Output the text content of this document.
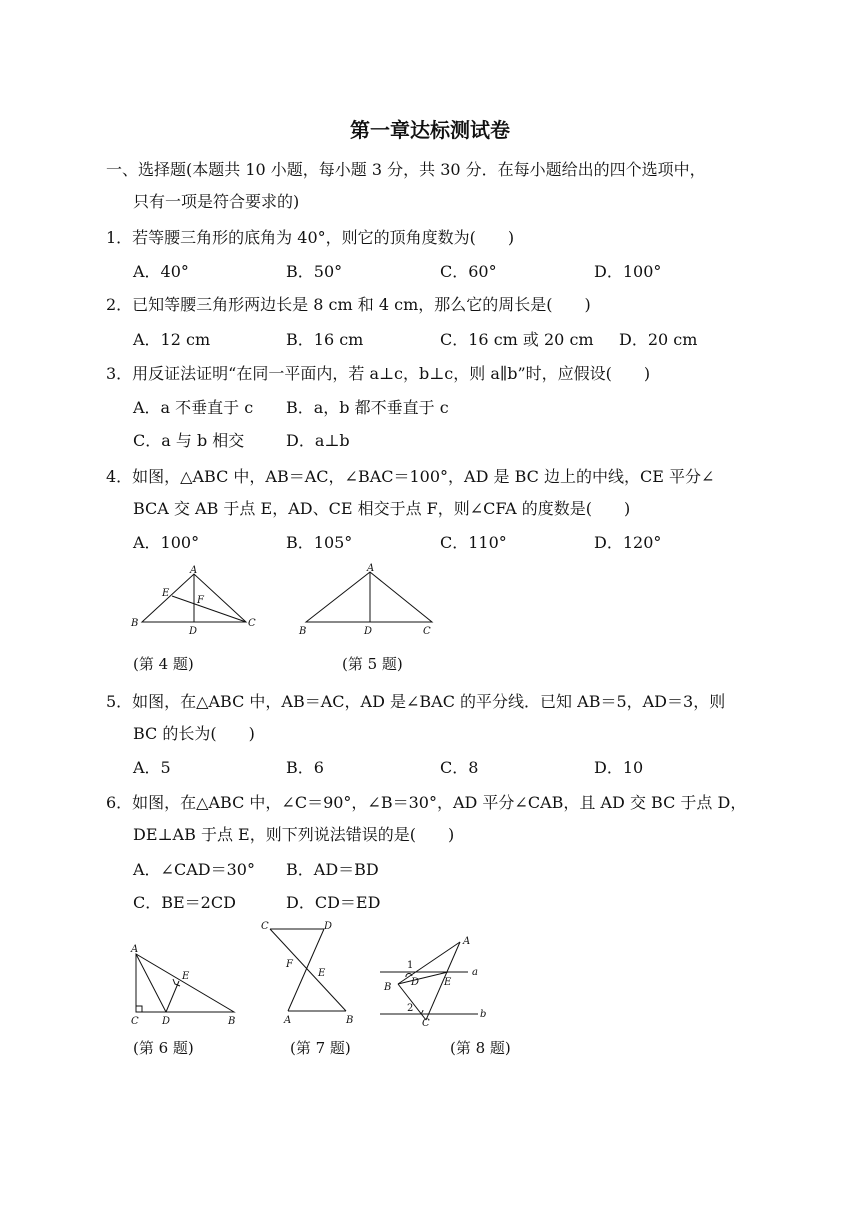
第一章达标测试卷
一、选择题(本题共 10 小题，每小题 3 分，共 30 分．在每小题给出的四个选项中，
只有一项是符合要求的)
1．若等腰三角形的底角为 40°，则它的顶角度数为(　　)
A．40°	B．50°	C．60°	D．100°
2．已知等腰三角形两边长是 8 cm 和 4 cm，那么它的周长是(　　)
A．12 cm	B．16 cm	C．16 cm 或 20 cm D．20 cm
3．用反证法证明“在同一平面内，若 a⊥c，b⊥c，则 a∥b”时，应假设(　　)
A．a 不垂直于 c B．a，b 都不垂直于 c
C．a 与 b 相交	D．a⊥b
4．如图，△ABC 中，AB＝AC，∠BAC＝100°，AD 是 BC 边上的中线，CE 平分∠
BCA 交 AB 于点 E，AD、CE 相交于点 F，则∠CFA 的度数是(　　)
A．100°	B．105°	C．110°	D．120°
A
B	C
D
E
F
A
B	C
D
(第 4 题)	(第 5 题)
5．如图，在△ABC 中，AB＝AC，AD 是∠BAC 的平分线．已知 AB＝5，AD＝3，则
BC 的长为(　　)
A．5	B．6	C．8	D．10
6．如图，在△ABC 中，∠C＝90°，∠B＝30°，AD 平分∠CAB，且 AD 交 BC 于点 D，
DE⊥AB 于点 E，则下列说法错误的是(　　)
A．∠CAD＝30° B．AD＝BD
C．BE＝2CD	D．CD＝ED
A
C D	B
E
C	D
F
E
A	B
A
B
C
D E
1
2
a
b
(第 6 题)	(第 7 题)	(第 8 题)
